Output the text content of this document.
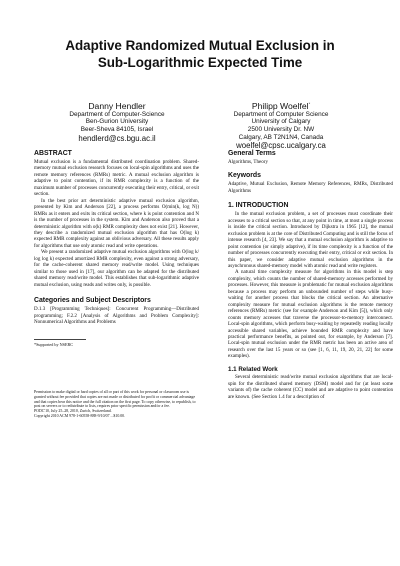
Adaptive Randomized Mutual Exclusion in
Sub-Logarithmic Expected Time
Danny Hendler
Department of Computer-Science
Ben-Gurion University
Beer-Sheva 84105, Israel
hendlerd@cs.bgu.ac.il
Philipp Woelfel*
Department of Computer Science
University of Calgary
2500 University Dr. NW
Calgary, AB T2N1N4, Canada
woelfel@cpsc.ucalgary.ca
ABSTRACT

Mutual exclusion is a fundamental distributed coordination problem. Shared-memory mutual exclusion research focuses on local-spin algorithms and uses the remote memory references (RMRs) metric. A mutual exclusion algorithm is adaptive to point contention, if its RMR complexity is a function of the maximum number of processes concurrently executing their entry, critical, or exit section.

In the best prior art deterministic adaptive mutual exclusion algorithm, presented by Kim and Anderson [22], a process performs O(min(k, log N)) RMRs as it enters and exits its critical section, where k is point contention and N is the number of processes in the system. Kim and Anderson also proved that a deterministic algorithm with o(k) RMR complexity does not exist [21]. However, they describe a randomized mutual exclusion algorithm that has O(log k) expected RMR complexity against an oblivious adversary. All these results apply for algorithms that use only atomic read and write operations.

We present a randomized adaptive mutual exclusion algorithms with O(log k/ log log k) expected amortized RMR complexity, even against a strong adversary, for the cache-coherent shared memory read/write model. Using techniques similar to those used in [17], our algorithm can be adapted for the distributed shared memory read/write model. This establishes that sub-logarithmic adaptive mutual exclusion, using reads and writes only, is possible.

Categories and Subject Descriptors

D.1.3 [Programming Techniques]: Concurrent Programming—Distributed programming; F.2.2 [Analysis of Algorithms and Problem Complexity]: Nonnumerical Algorithms and Problems

*Supported by NSERC
Permission to make digital or hard copies of all or part of this work for personal or classroom use is granted without fee provided that copies are not made or distributed for profit or commercial advantage and that copies bear this notice and the full citation on the first page. To copy otherwise, to republish, to post on servers or to redistribute to lists, requires prior specific permission and/or a fee.
PODC'10, July 25–28, 2010, Zurich, Switzerland.
Copyright 2010 ACM 978-1-60558-888-9/10/07 ...$10.00.
General Terms

Algorithms, Theory

Keywords

Adaptive, Mutual Exclusion, Remote Memory References, RMRs, Distributed Algorithms

1. INTRODUCTION

In the mutual exclusion problem, a set of processes must coordinate their accesses to a critical section so that, at any point in time, at most a single process is inside the critical section. Introduced by Dijkstra in 1965 [12], the mutual exclusion problem is at the core of Distributed Computing and is still the focus of intense research [4, 23]. We say that a mutual exclusion algorithm is adaptive to point contention (or simply adaptive), if its time complexity is a function of the number of processes concurrently executing their entry, critical or exit section. In this paper, we consider adaptive mutual exclusion algorithms in the asynchronous shared-memory model with atomic read and write registers.

A natural time complexity measure for algorithms in this model is step complexity, which counts the number of shared-memory accesses performed by processes. However, this measure is problematic for mutual exclusion algorithms because a process may perform an unbounded number of steps while busy-waiting for another process that blocks the critical section. An alternative complexity measure for mutual exclusion algorithms is the remote memory references (RMRs) metric (see for example Anderson and Kim [5]), which only counts memory accesses that traverse the processor-to-memory interconnect. Local-spin algorithms, which perform busy-waiting by repeatedly reading locally accessible shared variables, achieve bounded RMR complexity and have practical performance benefits, as pointed out, for example, by Anderson [7]. Local-spin mutual exclusion under the RMR metric has been an active area of research over the last 15 years or so (see [1, 6, 11, 19, 20, 21, 22] for some examples).

1.1 Related Work

Several deterministic read/write mutual exclusion algorithms that are local-spin for the distributed shared memory (DSM) model and for (at least some variants of) the cache coherent (CC) model and are adaptive to point contention are known. (See Section 1.4 for a description of
